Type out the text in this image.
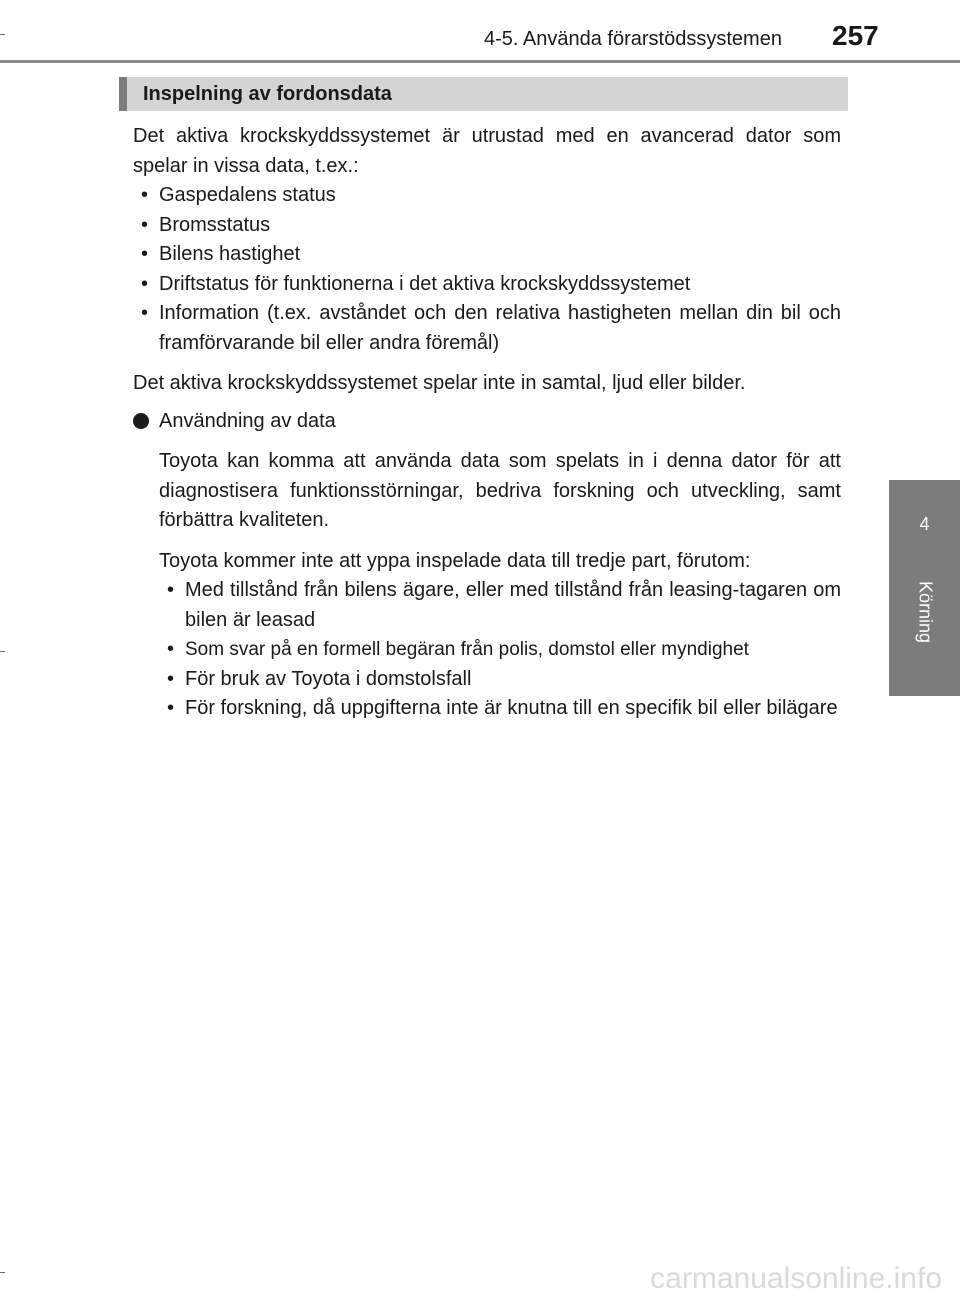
4-5. Använda förarstödssystemen 257
4
Körning
Inspelning av fordonsdata

Det aktiva krockskyddssystemet är utrustad med en avancerad dator som spelar in vissa data, t.ex.:

• Gaspedalens status
• Bromsstatus
• Bilens hastighet
• Driftstatus för funktionerna i det aktiva krockskyddssystemet
• Information (t.ex. avståndet och den relativa hastigheten mellan din bil och framförvarande bil eller andra föremål)

Det aktiva krockskyddssystemet spelar inte in samtal, ljud eller bilder.

Användning av data

Toyota kan komma att använda data som spelats in i denna dator för att diagnostisera funktionsstörningar, bedriva forskning och utveckling, samt förbättra kvaliteten.

Toyota kommer inte att yppa inspelade data till tredje part, förutom:

• Med tillstånd från bilens ägare, eller med tillstånd från leasing-tagaren om bilen är leasad
• Som svar på en formell begäran från polis, domstol eller myndighet
• För bruk av Toyota i domstolsfall
• För forskning, då uppgifterna inte är knutna till en specifik bil eller bilägare
carmanualsonline.info
